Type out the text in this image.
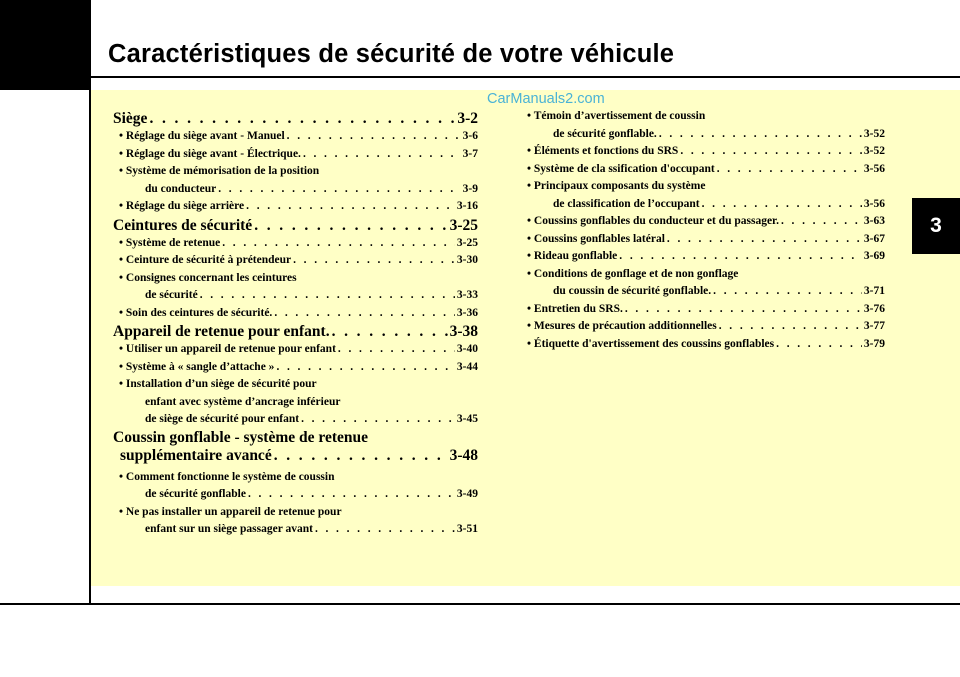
Caractéristiques de sécurité de votre véhicule
3
CarManuals2.com
Siège . . .	3-2
• Réglage du siège avant - Manuel . . .	3-6
• Réglage du siège avant - Électrique. . . .	3-7
• Système de mémorisation de la position
du conducteur . . .	3-9
• Réglage du siège arrière . . .	3-16
Ceintures de sécurité . . .	3-25
• Système de retenue . . .	3-25
• Ceinture de sécurité à prétendeur . . .	3-30
• Consignes concernant les ceintures
de sécurité . . .	3-33
• Soin des ceintures de sécurité. . . .	3-36
Appareil de retenue pour enfant. . . .	3-38
• Utiliser un appareil de retenue pour enfant . . .	3-40
• Système à « sangle d’attache » . . .	3-44
• Installation d’un siège de sécurité pour
enfant avec système d’ancrage inférieur
de siège de sécurité pour enfant . . .	3-45
Coussin gonflable - système de retenue
supplémentaire avancé . . .	3-48
• Comment fonctionne le système de coussin
de sécurité gonflable . . .	3-49
• Ne pas installer un appareil de retenue pour
enfant sur un siège passager avant . . .	3-51
• Témoin d’avertissement de coussin
de sécurité gonflable. . . .	3-52
• Éléments et fonctions du SRS . . .	3-52
• Système de cla ssification d'occupant . . .	3-56
• Principaux composants du système
de classification de l’occupant . . .	3-56
• Coussins gonflables du conducteur et du passager. . . .	3-63
• Coussins gonflables latéral . . .	3-67
• Rideau gonflable . . .	3-69
• Conditions de gonflage et de non gonflage
du coussin de sécurité gonflable. . . .	3-71
• Entretien du SRS. . . .	3-76
• Mesures de précaution additionnelles . . .	3-77
• Étiquette d'avertissement des coussins gonflables . . .	3-79
